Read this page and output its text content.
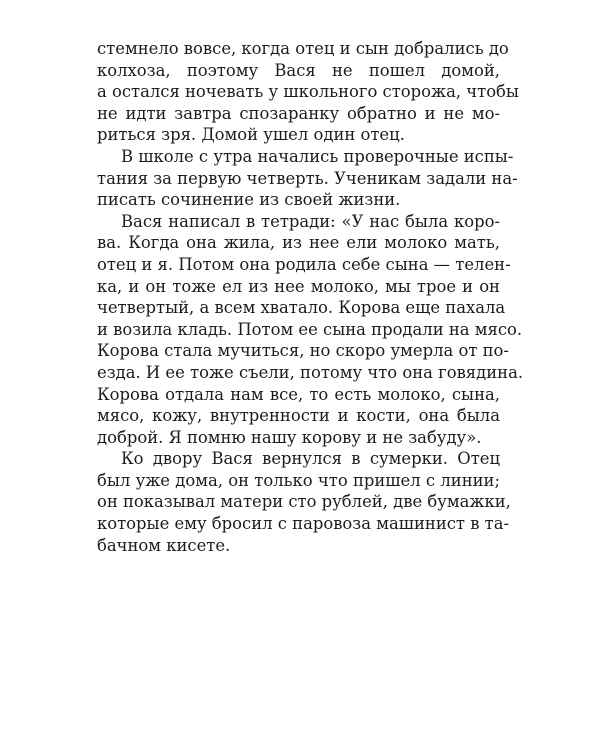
стемнело вовсе, когда отец и сын добрались до
колхоза, поэтому Вася не пошел домой,
а остался ночевать у школьного сторожа, чтобы
не идти завтра спозаранку обратно и не мо-
риться зря. Домой ушел один отец.
В школе с утра начались проверочные испы-
тания за первую четверть. Ученикам задали на-
писать сочинение из своей жизни.
Вася написал в тетради: «У нас была коро-
ва. Когда она жила, из нее ели молоко мать,
отец и я. Потом она родила себе сына — телен-
ка, и он тоже ел из нее молоко, мы трое и он
четвертый, а всем хватало. Корова еще пахала
и возила кладь. Потом ее сына продали на мясо.
Корова стала мучиться, но скоро умерла от по-
езда. И ее тоже съели, потому что она говядина.
Корова отдала нам все, то есть молоко, сына,
мясо, кожу, внутренности и кости, она была
доброй. Я помню нашу корову и не забуду».
Ко двору Вася вернулся в сумерки. Отец
был уже дома, он только что пришел с линии;
он показывал матери сто рублей, две бумажки,
которые ему бросил с паровоза машинист в та-
бачном кисете.
